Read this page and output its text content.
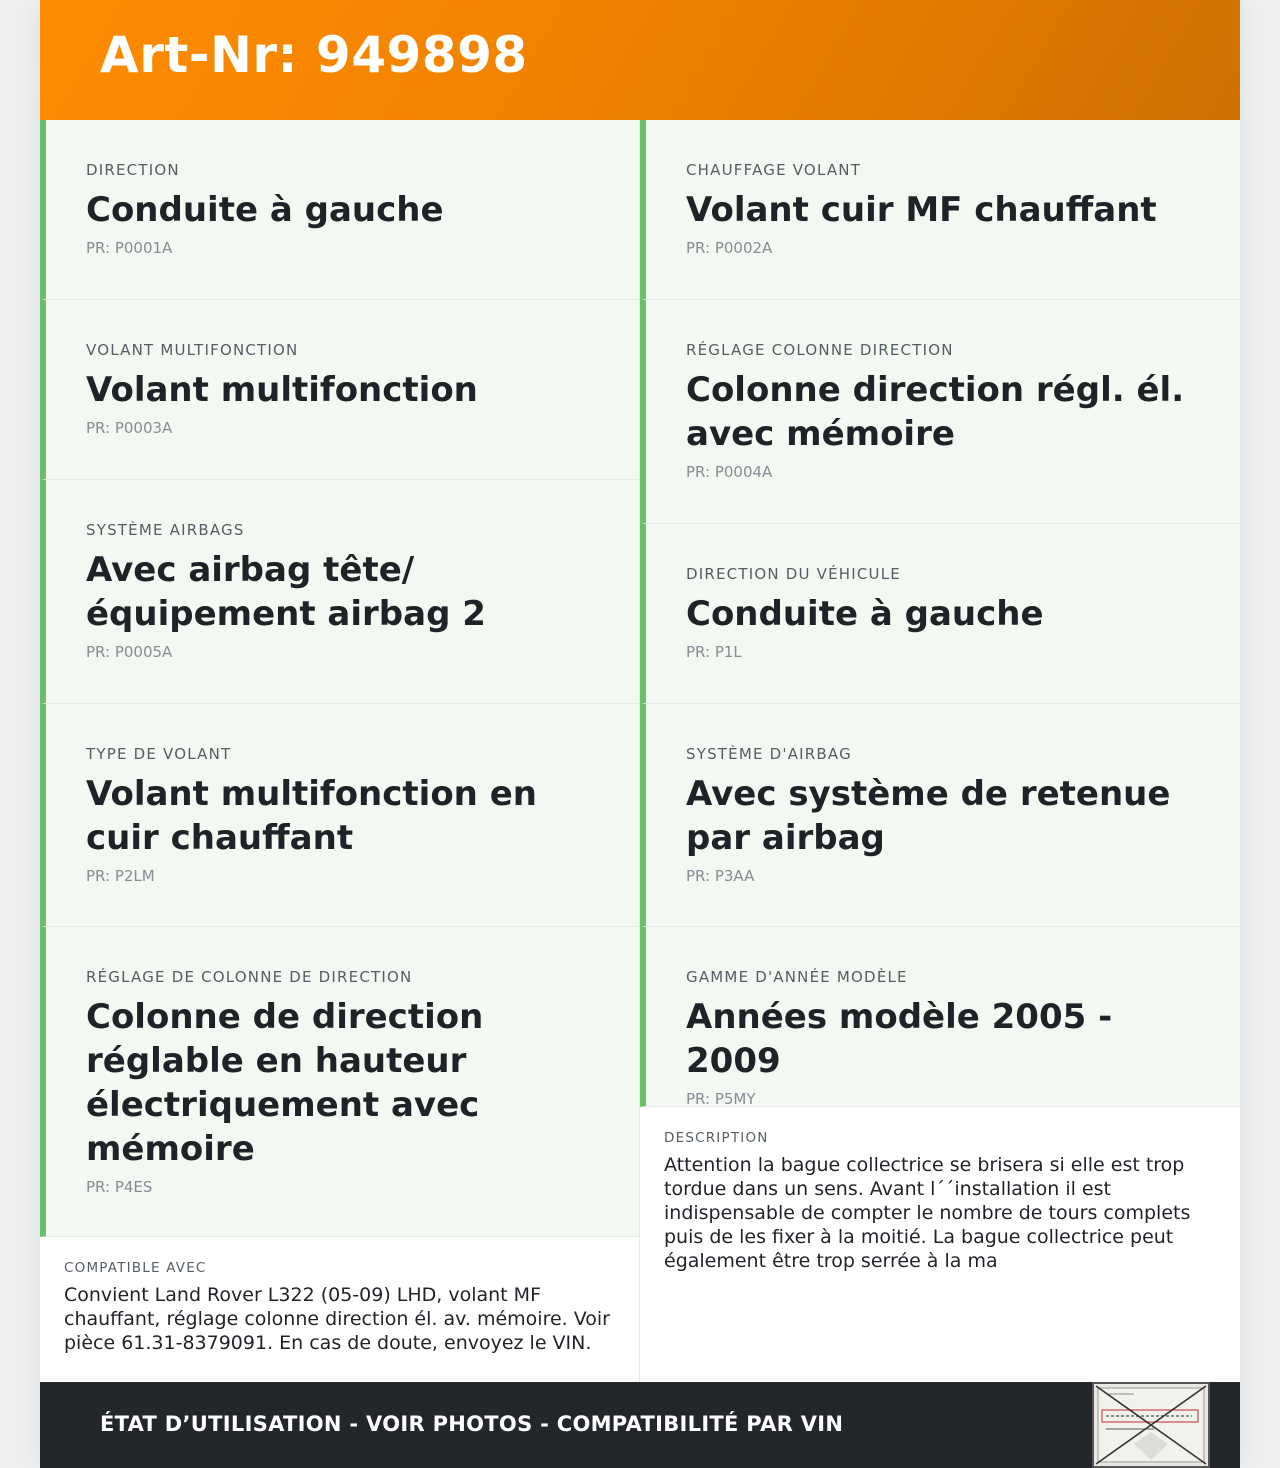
Art-Nr: 949898
DIRECTION
Conduite à gauche
PR: P0001A
VOLANT MULTIFONCTION
Volant multifonction
PR: P0003A
SYSTÈME AIRBAGS
Avec airbag tête/équipement airbag 2
PR: P0005A
TYPE DE VOLANT
Volant multifonction en cuir chauffant
PR: P2LM
RÉGLAGE DE COLONNE DE DIRECTION
Colonne de direction réglable en hauteur électriquement avec mémoire
PR: P4ES
COMPATIBLE AVEC
Convient Land Rover L322 (05-09) LHD, volant MF chauffant, réglage colonne direction él. av. mémoire. Voir pièce 61.31-8379091. En cas de doute, envoyez le VIN.
CHAUFFAGE VOLANT
Volant cuir MF chauffant
PR: P0002A
RÉGLAGE COLONNE DIRECTION
Colonne direction régl. él. avec mémoire
PR: P0004A
DIRECTION DU VÉHICULE
Conduite à gauche
PR: P1L
SYSTÈME D'AIRBAG
Avec système de retenue par airbag
PR: P3AA
GAMME D'ANNÉE MODÈLE
Années modèle 2005 - 2009
PR: P5MY
DESCRIPTION
Attention la bague collectrice se brisera si elle est trop tordue dans un sens. Avant l´´installation il est indispensable de compter le nombre de tours complets puis de les fixer à la moitié. La bague collectrice peut également être trop serrée à la ma
ÉTAT D’UTILISATION - VOIR PHOTOS - COMPATIBILITÉ PAR VIN
